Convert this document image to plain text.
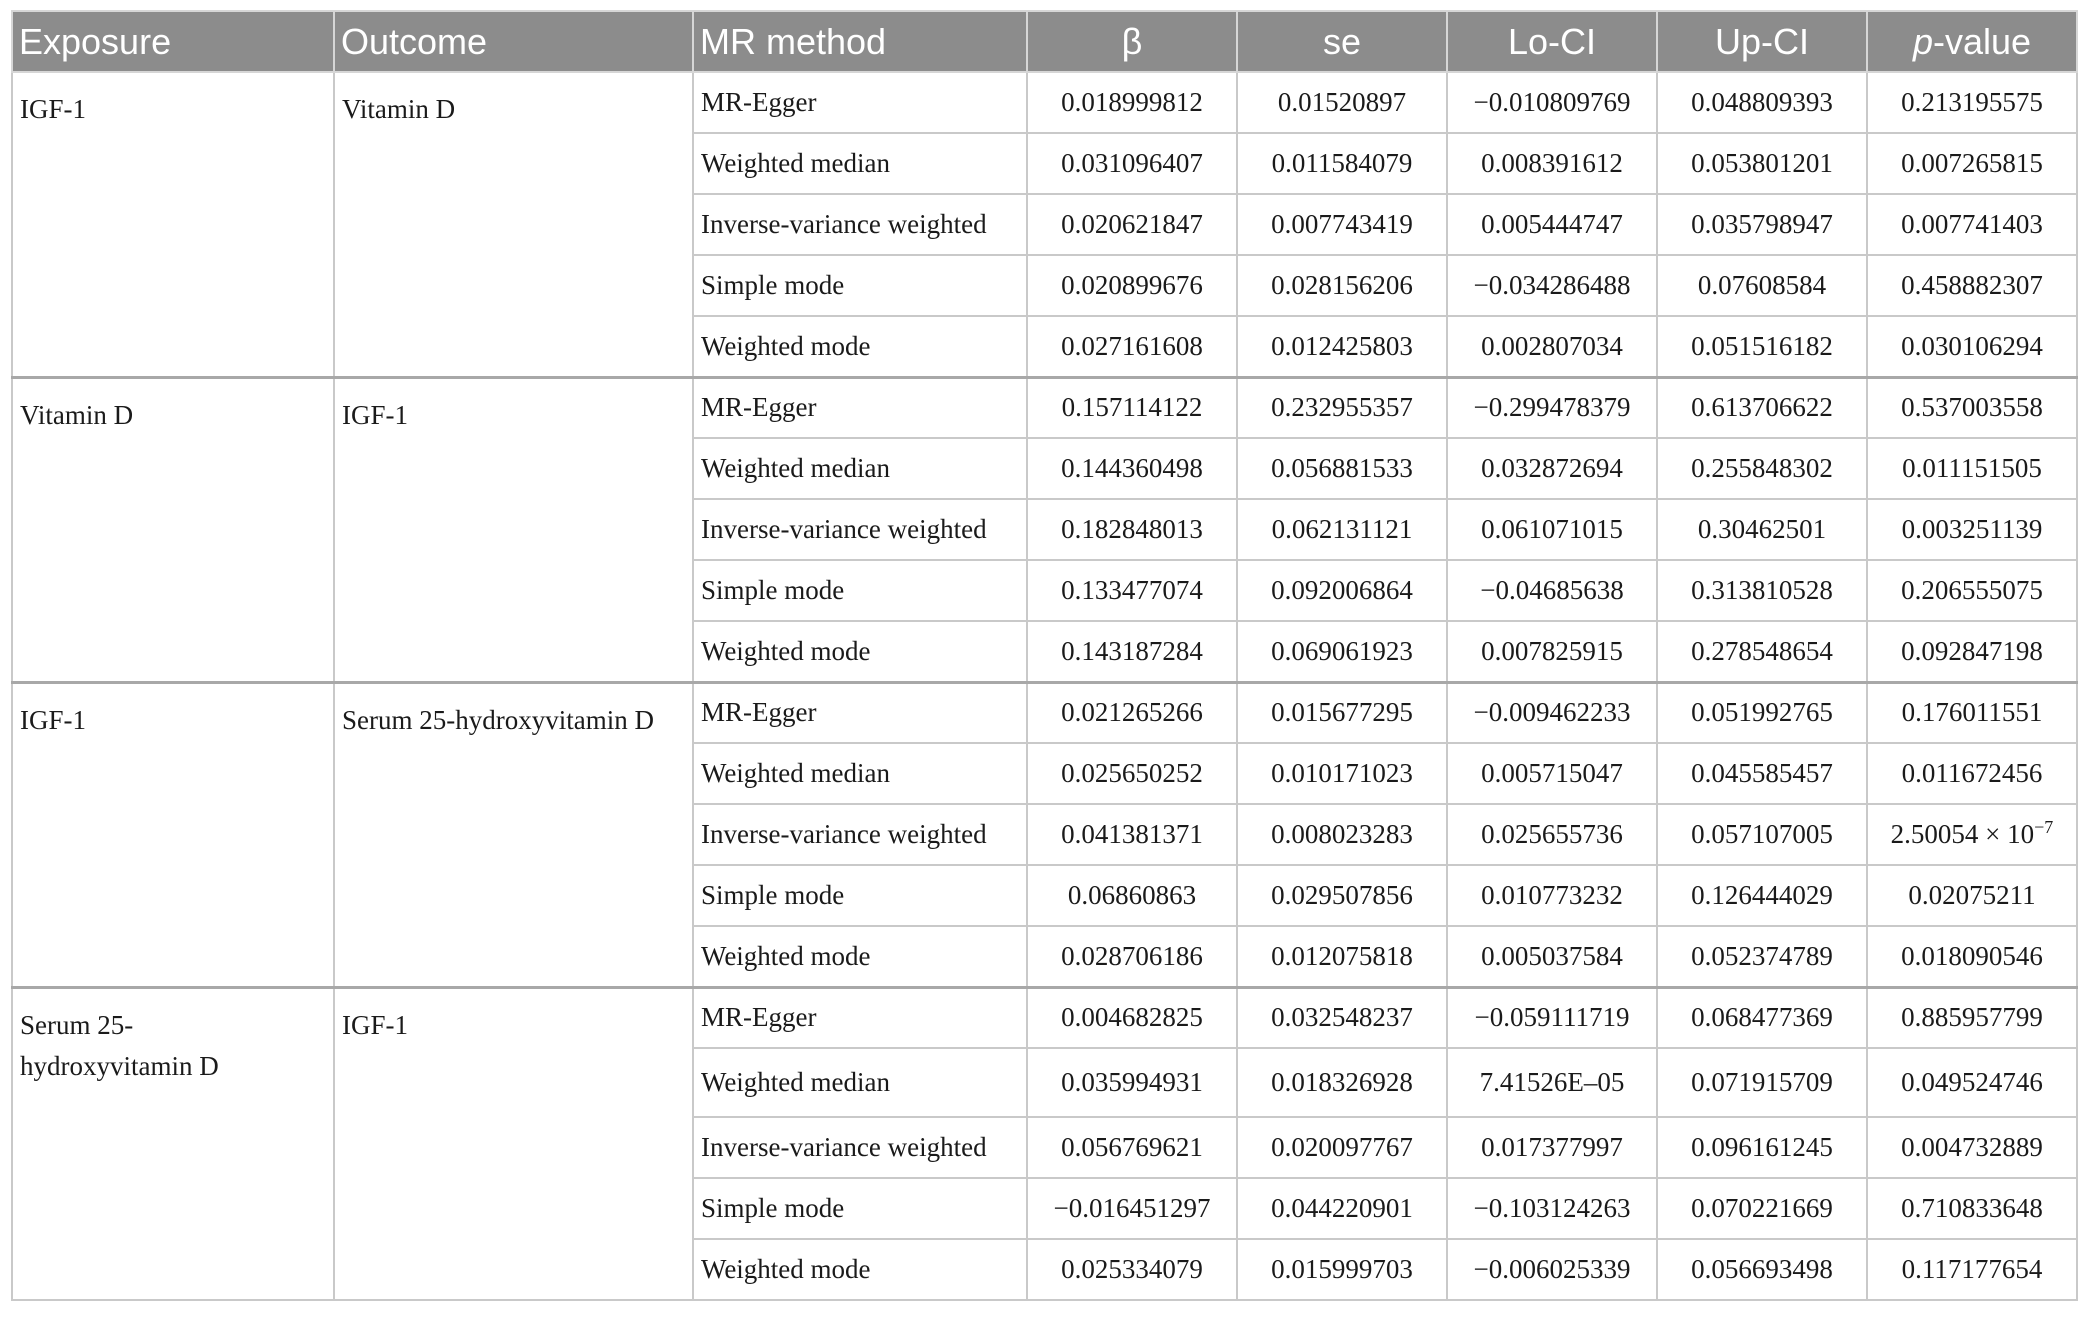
Exposure	Outcome	MR method	β	se	Lo-CI	Up-CI	p-value
IGF-1	Vitamin D	MR-Egger	0.018999812	0.01520897	−0.010809769	0.048809393	0.213195575
		Weighted median	0.031096407	0.011584079	0.008391612	0.053801201	0.007265815
		Inverse-variance weighted	0.020621847	0.007743419	0.005444747	0.035798947	0.007741403
		Simple mode	0.020899676	0.028156206	−0.034286488	0.07608584	0.458882307
		Weighted mode	0.027161608	0.012425803	0.002807034	0.051516182	0.030106294
Vitamin D	IGF-1	MR-Egger	0.157114122	0.232955357	−0.299478379	0.613706622	0.537003558
		Weighted median	0.144360498	0.056881533	0.032872694	0.255848302	0.011151505
		Inverse-variance weighted	0.182848013	0.062131121	0.061071015	0.30462501	0.003251139
		Simple mode	0.133477074	0.092006864	−0.04685638	0.313810528	0.206555075
		Weighted mode	0.143187284	0.069061923	0.007825915	0.278548654	0.092847198
IGF-1	Serum 25-hydroxyvitamin D	MR-Egger	0.021265266	0.015677295	−0.009462233	0.051992765	0.176011551
		Weighted median	0.025650252	0.010171023	0.005715047	0.045585457	0.011672456
		Inverse-variance weighted	0.041381371	0.008023283	0.025655736	0.057107005	$2.50054 \times 10^{-7}$
		Simple mode	0.06860863	0.029507856	0.010773232	0.126444029	0.02075211
		Weighted mode	0.028706186	0.012075818	0.005037584	0.052374789	0.018090546
Serum 25-hydroxyvitamin D	IGF-1	MR-Egger	0.004682825	0.032548237	−0.059111719	0.068477369	0.885957799
		Weighted median	0.035994931	0.018326928	7.41526E–05	0.071915709	0.049524746
		Inverse-variance weighted	0.056769621	0.020097767	0.017377997	0.096161245	0.004732889
		Simple mode	−0.016451297	0.044220901	−0.103124263	0.070221669	0.710833648
		Weighted mode	0.025334079	0.015999703	−0.006025339	0.056693498	0.117177654
